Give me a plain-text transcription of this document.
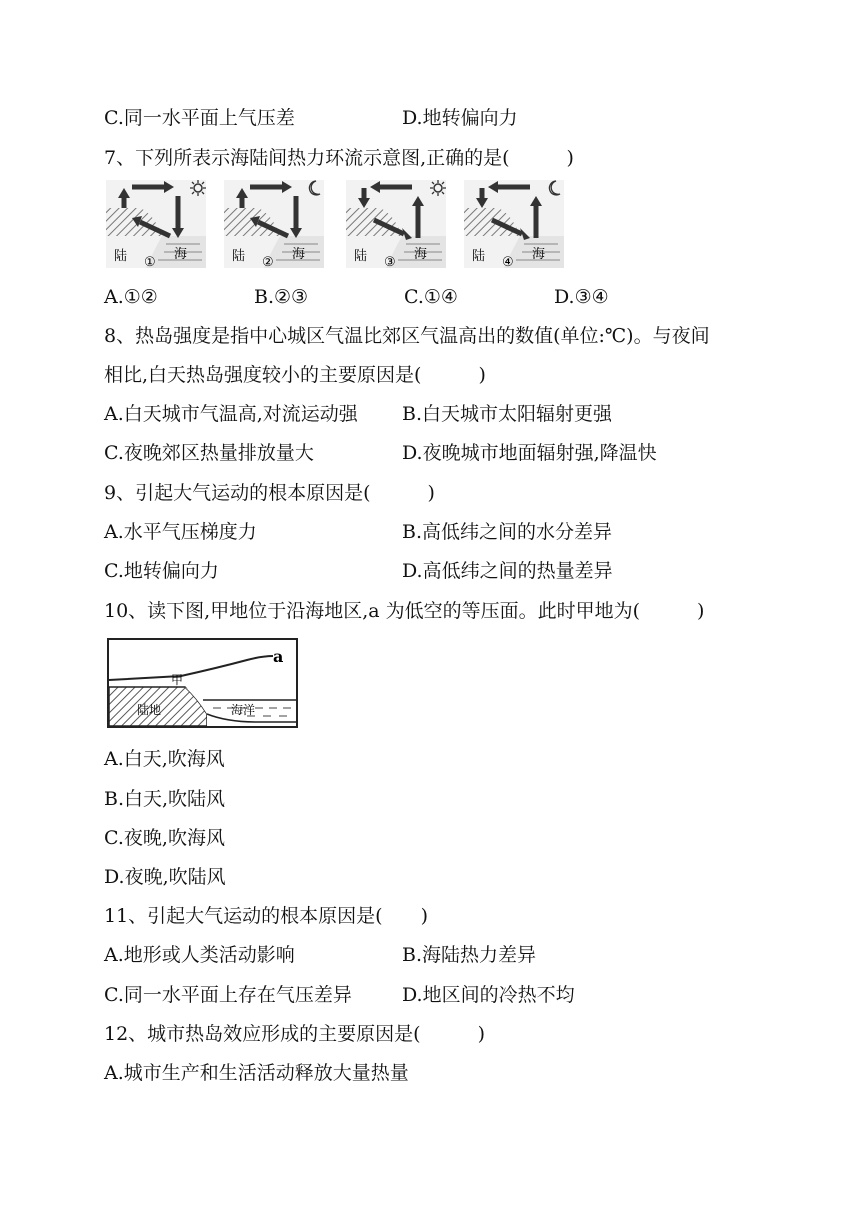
C.同一水平面上气压差	D.地转偏向力
7、下列所表示海陆间热力环流示意图,正确的是(　　　)
陆 ①
海	陆 ②
海	陆 ③
海	陆 ④
海
A.①②	B.②③	C.①④	D.③④
8、热岛强度是指中心城区气温比郊区气温高出的数值(单位:℃)。与夜间
相比,白天热岛强度较小的主要原因是(　　　)
A.白天城市气温高,对流运动强 B.白天城市太阳辐射更强
C.夜晚郊区热量排放量大	D.夜晚城市地面辐射强,降温快
9、引起大气运动的根本原因是(　　　)
A.水平气压梯度力	B.高低纬之间的水分差异
C.地转偏向力	D.高低纬之间的热量差异
10、读下图,甲地位于沿海地区,a 为低空的等压面。此时甲地为(　　　)
a
甲
陆地	海洋
A.白天,吹海风
B.白天,吹陆风
C.夜晚,吹海风
D.夜晚,吹陆风
11、引起大气运动的根本原因是(　　)
A.地形或人类活动影响	B.海陆热力差异
C.同一水平面上存在气压差异	D.地区间的冷热不均
12、城市热岛效应形成的主要原因是(　　　)
A.城市生产和生活活动释放大量热量
